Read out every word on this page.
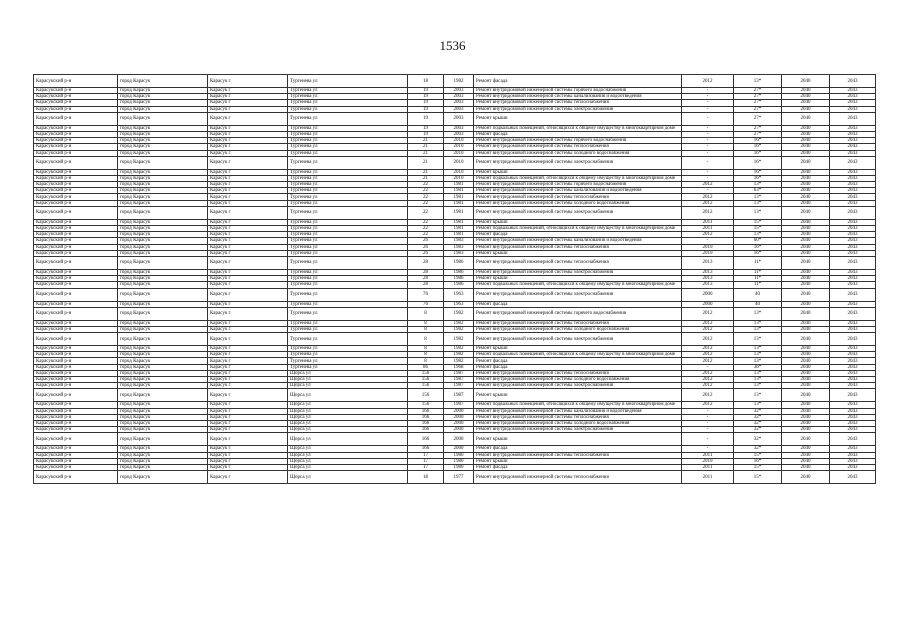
1536
Карасукский р-н	город Карасук	Карасук г	Тургенева ул	18	1982	Ремонт фасада	2012	13*	2040	2043
Карасукский р-н	город Карасук	Карасук г	Тургенева ул	19	2003	Ремонт внутридомовой инженерной системы горячего водоснабжения	-	27*	2040	2043
Карасукский р-н	город Карасук	Карасук г	Тургенева ул	19	2003	Ремонт внутридомовой инженерной системы канализования и водоотведения	-	27*	2040	2043
Карасукский р-н	город Карасук	Карасук г	Тургенева ул	19	2003	Ремонт внутридомовой инженерной системы теплоснабжения	-	27*	2040	2043
Карасукский р-н	город Карасук	Карасук г	Тургенева ул	19	2003	Ремонт внутридомовой инженерной системы электроснабжения	-	27*	2040	2043
Карасукский р-н	город Карасук	Карасук г	Тургенева ул	19	2003	Ремонт крыши	-	27*	2040	2043
Карасукский р-н	город Карасук	Карасук г	Тургенева ул	19	2003	Ремонт подвальных помещений, относящихся к общему имуществу в многоквартирном доме	-	27*	2040	2043
Карасукский р-н	город Карасук	Карасук г	Тургенева ул	19	2003	Ремонт фасада	-	27*	2040	2043
Карасукский р-н	город Карасук	Карасук г	Тургенева ул	21	2010	Ремонт внутридомовой инженерной системы горячего водоснабжения	-	16*	2040	2043
Карасукский р-н	город Карасук	Карасук г	Тургенева ул	21	2010	Ремонт внутридомовой инженерной системы теплоснабжения	-	16*	2040	2043
Карасукский р-н	город Карасук	Карасук г	Тургенева ул	21	2010	Ремонт внутридомовой инженерной системы холодного водоснабжения	-	16*	2040	2043
Карасукский р-н	город Карасук	Карасук г	Тургенева ул	21	2010	Ремонт внутридомовой инженерной системы электроснабжения	-	16*	2040	2043
Карасукский р-н	город Карасук	Карасук г	Тургенева ул	21	2010	Ремонт крыши	-	16*	2040	2043
Карасукский р-н	город Карасук	Карасук г	Тургенева ул	21	2010	Ремонт подвальных помещений, относящихся к общему имуществу в многоквартирном доме	-	16*	2040	2043
Карасукский р-н	город Карасук	Карасук г	Тургенева ул	22	1981	Ремонт внутридомовой инженерной системы горячего водоснабжения	2012	13*	2040	2043
Карасукский р-н	город Карасук	Карасук г	Тургенева ул	22	1981	Ремонт внутридомовой инженерной системы канализования и водоотведения	-	63*	2040	2043
Карасукский р-н	город Карасук	Карасук г	Тургенева ул	22	1981	Ремонт внутридомовой инженерной системы теплоснабжения	2012	13*	2040	2043
Карасукский р-н	город Карасук	Карасук г	Тургенева ул	22	1981	Ремонт внутридомовой инженерной системы холодного водоснабжения	2012	13*	2040	2043
Карасукский р-н	город Карасук	Карасук г	Тургенева ул	22	1981	Ремонт внутридомовой инженерной системы электроснабжения	2012	13*	2040	2043
Карасукский р-н	город Карасук	Карасук г	Тургенева ул	22	1981	Ремонт крыши	2011	15*	2040	2043
Карасукский р-н	город Карасук	Карасук г	Тургенева ул	22	1981	Ремонт подвальных помещений, относящихся к общему имуществу в многоквартирном доме	2011	15*	2040	2043
Карасукский р-н	город Карасук	Карасук г	Тургенева ул	22	1981	Ремонт фасада	2012	13*	2040	2043
Карасукский р-н	город Карасук	Карасук г	Тургенева ул	26	1983	Ремонт внутридомовой инженерной системы канализования и водоотведения	-	60*	2040	2043
Карасукский р-н	город Карасук	Карасук г	Тургенева ул	26	1983	Ремонт внутридомовой инженерной системы теплоснабжения	2010	16*	2040	2043
Карасукский р-н	город Карасук	Карасук г	Тургенева ул	26	1983	Ремонт крыши	2010	16*	2040	2043
Карасукский р-н	город Карасук	Карасук г	Тургенева ул	28	1986	Ремонт внутридомовой инженерной системы теплоснабжения	2013	11*	2040	2043
Карасукский р-н	город Карасук	Карасук г	Тургенева ул	28	1986	Ремонт внутридомовой инженерной системы электроснабжения	2013	11*	2040	2043
Карасукский р-н	город Карасук	Карасук г	Тургенева ул	28	1986	Ремонт крыши	2013	11*	2040	2043
Карасукский р-н	город Карасук	Карасук г	Тургенева ул	28	1986	Ремонт подвальных помещений, относящихся к общему имуществу в многоквартирном доме	2013	11*	2040	2043
Карасукский р-н	город Карасук	Карасук г	Тургенева ул	76	1963	Ремонт внутридомовой инженерной системы электроснабжения	2000	40	2040	2043
Карасукский р-н	город Карасук	Карасук г	Тургенева ул	76	1963	Ремонт фасада	2000	40	2040	2043
Карасукский р-н	город Карасук	Карасук г	Тургенева ул	8	1982	Ремонт внутридомовой инженерной системы горячего водоснабжения	2012	13*	2040	2043
Карасукский р-н	город Карасук	Карасук г	Тургенева ул	8	1982	Ремонт внутридомовой инженерной системы теплоснабжения	2012	13*	2040	2043
Карасукский р-н	город Карасук	Карасук г	Тургенева ул	8	1982	Ремонт внутридомовой инженерной системы холодного водоснабжения	2012	13*	2040	2043
Карасукский р-н	город Карасук	Карасук г	Тургенева ул	8	1982	Ремонт внутридомовой инженерной системы электроснабжения	2012	13*	2040	2043
Карасукский р-н	город Карасук	Карасук г	Тургенева ул	8	1982	Ремонт крыши	2012	13*	2040	2043
Карасукский р-н	город Карасук	Карасук г	Тургенева ул	8	1982	Ремонт подвальных помещений, относящихся к общему имуществу в многоквартирном доме	2012	13*	2040	2043
Карасукский р-н	город Карасук	Карасук г	Тургенева ул	8	1982	Ремонт фасада	2012	13*	2040	2043
Карасукский р-н	город Карасук	Карасук г	Тургенева ул	86	1968	Ремонт фасада	-	36*	2040	2043
Карасукский р-н	город Карасук	Карасук г	Щорса ул	156	1987	Ремонт внутридомовой инженерной системы теплоснабжения	2012	13*	2040	2043
Карасукский р-н	город Карасук	Карасук г	Щорса ул	156	1987	Ремонт внутридомовой инженерной системы холодного водоснабжения	2012	13*	2040	2043
Карасукский р-н	город Карасук	Карасук г	Щорса ул	156	1987	Ремонт внутридомовой инженерной системы электроснабжения	2012	13*	2040	2043
Карасукский р-н	город Карасук	Карасук г	Щорса ул	156	1987	Ремонт крыши	2012	13*	2040	2043
Карасукский р-н	город Карасук	Карасук г	Щорса ул	156	1987	Ремонт подвальных помещений, относящихся к общему имуществу в многоквартирном доме	2012	13*	2040	2043
Карасукский р-н	город Карасук	Карасук г	Щорса ул	166	2000	Ремонт внутридомовой инженерной системы канализования и водоотведения	-	32*	2040	2043
Карасукский р-н	город Карасук	Карасук г	Щорса ул	166	2000	Ремонт внутридомовой инженерной системы теплоснабжения	-	32*	2040	2043
Карасукский р-н	город Карасук	Карасук г	Щорса ул	166	2000	Ремонт внутридомовой инженерной системы холодного водоснабжения	-	32*	2040	2043
Карасукский р-н	город Карасук	Карасук г	Щорса ул	166	2000	Ремонт внутридомовой инженерной системы электроснабжения	-	32*	2040	2043
Карасукский р-н	город Карасук	Карасук г	Щорса ул	166	2000	Ремонт крыши	-	32*	2040	2043
Карасукский р-н	город Карасук	Карасук г	Щорса ул	166	2000	Ремонт фасада	-	32*	2040	2043
Карасукский р-н	город Карасук	Карасук г	Щорса ул	17	1980	Ремонт внутридомовой инженерной системы теплоснабжения	2011	15*	2040	2043
Карасукский р-н	город Карасук	Карасук г	Щорса ул	17	1980	Ремонт крыши	2010	16*	2040	2043
Карасукский р-н	город Карасук	Карасук г	Щорса ул	17	1980	Ремонт фасада	2011	15*	2040	2043
Карасукский р-н	город Карасук	Карасук г	Щорса ул	18	1977	Ремонт внутридомовой инженерной системы теплоснабжения	2011	15*	2040	2043
